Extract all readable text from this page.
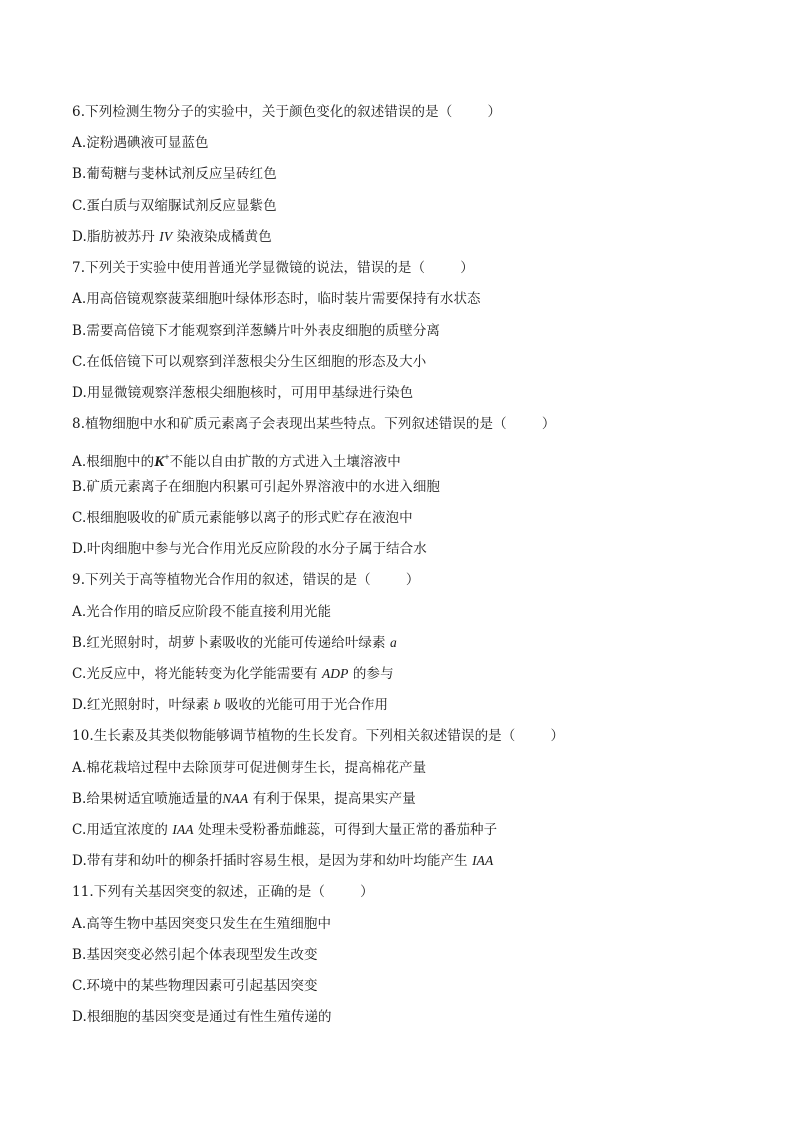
6.下列检测生物分子的实验中，关于颜色变化的叙述错误的是（	）
A.淀粉遇碘液可显蓝色
B.葡萄糖与斐林试剂反应呈砖红色
C.蛋白质与双缩脲试剂反应显紫色
D.脂肪被苏丹 IV 染液染成橘黄色
7.下列关于实验中使用普通光学显微镜的说法，错误的是（	）
A.用高倍镜观察菠菜细胞叶绿体形态时，临时装片需要保持有水状态
B.需要高倍镜下才能观察到洋葱鳞片叶外表皮细胞的质壁分离
C.在低倍镜下可以观察到洋葱根尖分生区细胞的形态及大小
D.用显微镜观察洋葱根尖细胞核时，可用甲基绿进行染色
8.植物细胞中水和矿质元素离子会表现出某些特点。下列叙述错误的是（	）
A.根细胞中的K+不能以自由扩散的方式进入土壤溶液中
B.矿质元素离子在细胞内积累可引起外界溶液中的水进入细胞
C.根细胞吸收的矿质元素能够以离子的形式贮存在液泡中
D.叶肉细胞中参与光合作用光反应阶段的水分子属于结合水
9.下列关于高等植物光合作用的叙述，错误的是（	）
A.光合作用的暗反应阶段不能直接利用光能
B.红光照射时，胡萝卜素吸收的光能可传递给叶绿素 a
C.光反应中，将光能转变为化学能需要有 ADP 的参与
D.红光照射时，叶绿素 b 吸收的光能可用于光合作用
10.生长素及其类似物能够调节植物的生长发育。下列相关叙述错误的是（	）
A.棉花栽培过程中去除顶芽可促进侧芽生长，提高棉花产量
B.给果树适宜喷施适量的NAA 有利于保果，提高果实产量
C.用适宜浓度的 IAA 处理未受粉番茄雌蕊，可得到大量正常的番茄种子
D.带有芽和幼叶的柳条扦插时容易生根，是因为芽和幼叶均能产生 IAA
11.下列有关基因突变的叙述，正确的是（	）
A.高等生物中基因突变只发生在生殖细胞中
B.基因突变必然引起个体表现型发生改变
C.环境中的某些物理因素可引起基因突变
D.根细胞的基因突变是通过有性生殖传递的
